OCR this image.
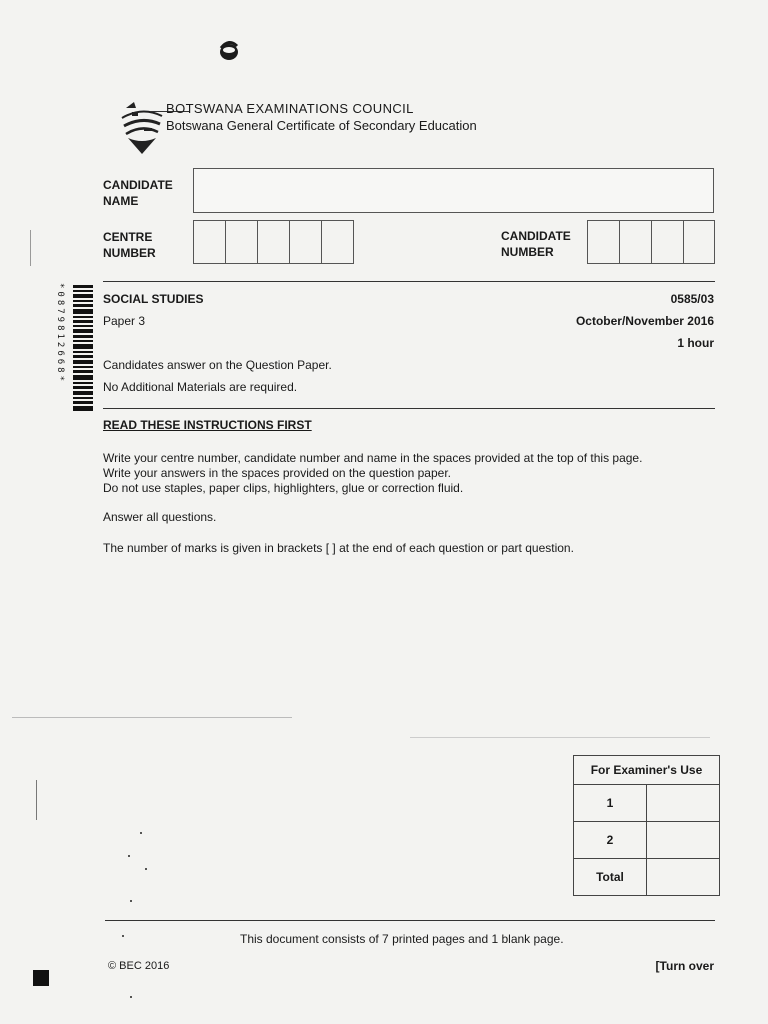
BOTSWANA EXAMINATIONS COUNCIL
Botswana General Certificate of Secondary Education
CANDIDATE
NAME
CENTRE
NUMBER
CANDIDATE
NUMBER
*0879812668*	SOCIAL STUDIES	0585/03
Paper 3	October/November 2016
1 hour
Candidates answer on the Question Paper.
No Additional Materials are required.
READ THESE INSTRUCTIONS FIRST

Write your centre number, candidate number and name in the spaces provided at the top of this page.

Write your answers in the spaces provided on the question paper.

Do not use staples, paper clips, highlighters, glue or correction fluid.

Answer all questions.
The number of marks is given in brackets [ ] at the end of each question or part question.
For Examiner's Use	
1	
2	
Total	
This document consists of 7 printed pages and 1 blank page.
© BEC 2016	[Turn over
